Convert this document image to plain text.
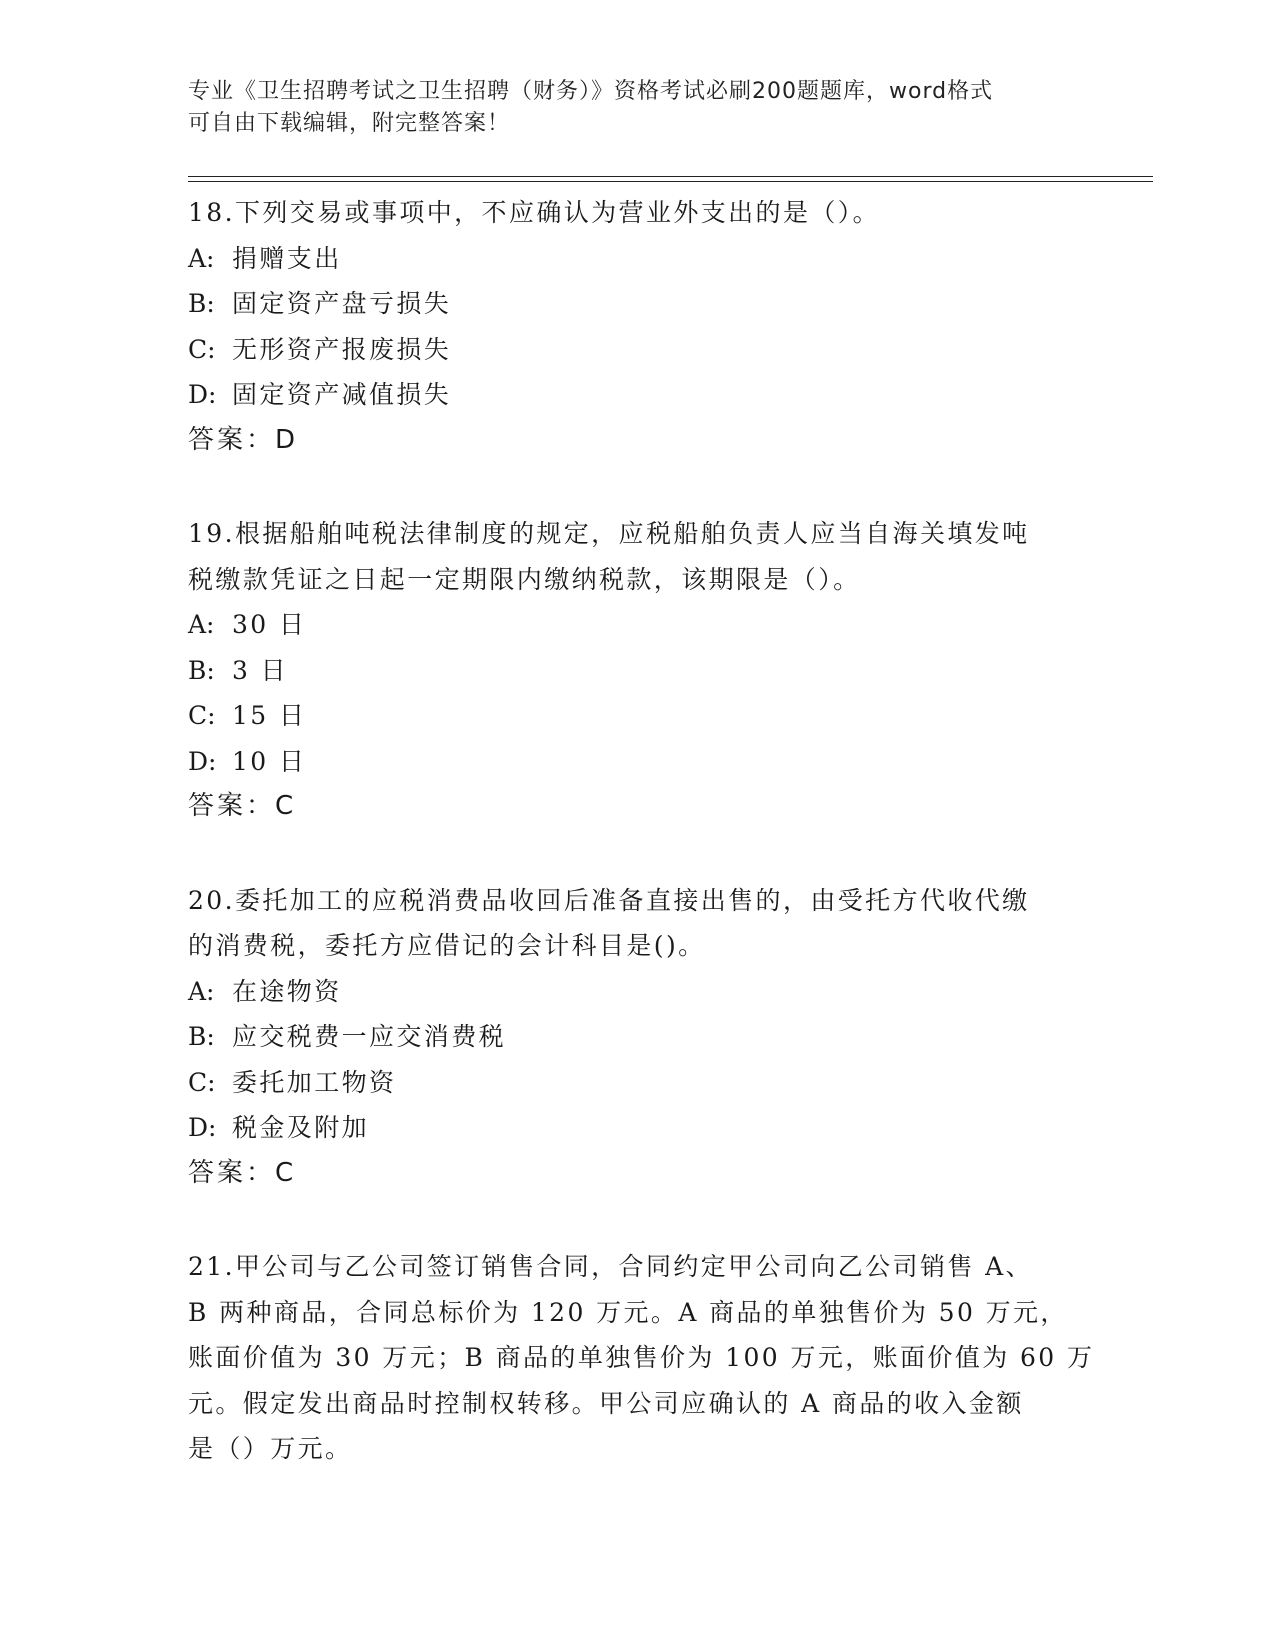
专业《卫生招聘考试之卫生招聘（财务）》资格考试必刷200题题库，word格式
可自由下载编辑，附完整答案！
18.下列交易或事项中，不应确认为营业外支出的是（）。
A: 捐赠支出
B: 固定资产盘亏损失
C: 无形资产报废损失
D: 固定资产减值损失
答案：D
19.根据船舶吨税法律制度的规定，应税船舶负责人应当自海关填发吨
税缴款凭证之日起一定期限内缴纳税款，该期限是（）。
A: 30 日
B: 3 日
C: 15 日
D: 10 日
答案：C
20.委托加工的应税消费品收回后准备直接出售的，由受托方代收代缴
的消费税，委托方应借记的会计科目是()。
A: 在途物资
B: 应交税费一应交消费税
C: 委托加工物资
D: 税金及附加
答案：C
21.甲公司与乙公司签订销售合同，合同约定甲公司向乙公司销售 A、
B 两种商品，合同总标价为 120 万元。A 商品的单独售价为 50 万元，
账面价值为 30 万元；B 商品的单独售价为 100 万元，账面价值为 60 万
元。假定发出商品时控制权转移。甲公司应确认的 A 商品的收入金额
是（）万元。
